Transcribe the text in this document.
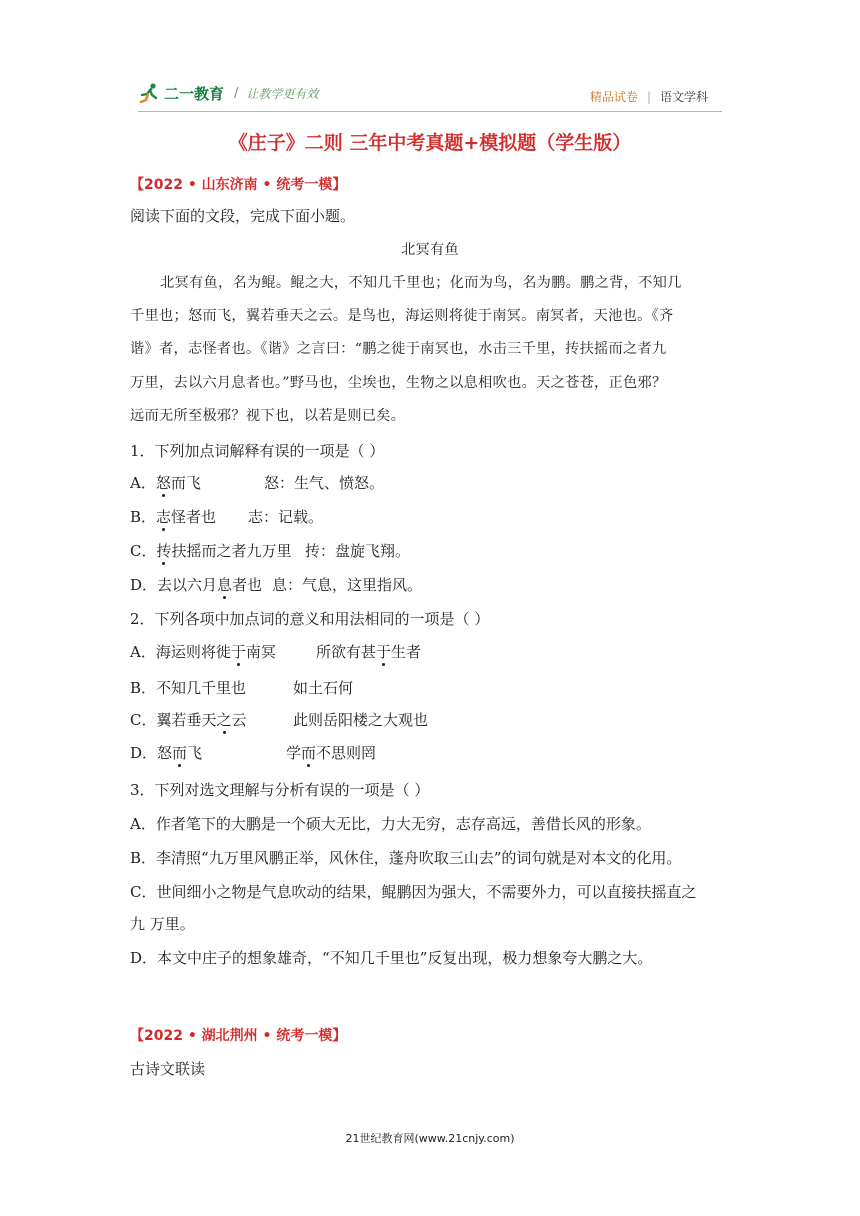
二一教育 / 让教学更有效	精品试卷 | 语文学科
《庄子》二则 三年中考真题+模拟题（学生版）
【2022 • 山东济南 • 统考一模】
阅读下面的文段，完成下面小题。
北冥有鱼
北冥有鱼，名为鲲。鲲之大，不知几千里也；化而为鸟，名为鹏。鹏之背，不知几
千里也；怒而飞，翼若垂天之云。是鸟也，海运则将徙于南冥。南冥者，天池也。《齐
谐》者，志怪者也。《谐》之言曰：“鹏之徙于南冥也，水击三千里，抟扶摇而之者九
万里，去以六月息者也。”野马也，尘埃也，生物之以息相吹也。天之苍苍，正色邪？
远而无所至极邪？视下也，以若是则已矣。
1．下列加点词解释有误的一项是（ ）
A．怒而飞	怒：生气、愤怒。
B．志怪者也 志：记载。
C．抟扶摇而之者九万里 抟：盘旋飞翔。
D．去以六月息者也 息：气息，这里指风。
2．下列各项中加点词的意义和用法相同的一项是（ ）
A．海运则将徙于南冥	所欲有甚于生者
B．不知几千里也	如土石何
C．翼若垂天之云	此则岳阳楼之大观也
D．怒而飞	学而不思则罔
3．下列对选文理解与分析有误的一项是（ ）
A．作者笔下的大鹏是一个硕大无比，力大无穷，志存高远，善借长风的形象。
B．李清照“九万里风鹏正举，风休住，蓬舟吹取三山去”的词句就是对本文的化用。
C．世间细小之物是气息吹动的结果，鲲鹏因为强大，不需要外力，可以直接扶摇直之
九 万里。
D．本文中庄子的想象雄奇，“不知几千里也”反复出现，极力想象夸大鹏之大。
【2022 • 湖北荆州 • 统考一模】
古诗文联读
21世纪教育网(www.21cnjy.com)
